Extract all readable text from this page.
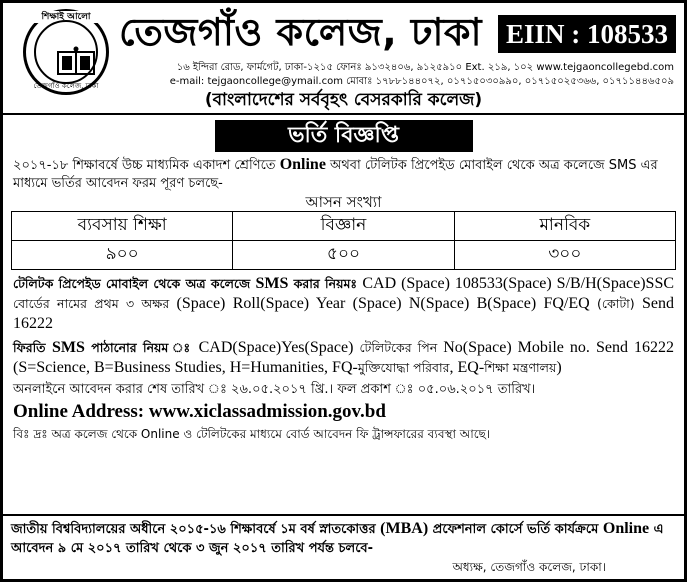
শিক্ষাই আলো
তেজগাঁও কলেজ, ঢাকা
তেজগাঁও কলেজ, ঢাকা EIIN : 108533
১৬ ইন্দিরা রোড, ফার্মগেট, ঢাকা-১২১৫ ফোনঃ ৯১৩২৪০৬, ৯১২৫৯১০ Ext. ২১৯, ১০২ www.tejgaoncollegebd.com
e-mail: tejgaoncollege@ymail.com মোবাঃ ১৭৮৮১৪৪০৭২, ০১৭১৫০৩০৯৯০, ০১৭১৫০২৫৩৬৬, ০১৭১১৪৪৬৫০৯
(বাংলাদেশের সর্ববৃহৎ বেসরকারি কলেজ)
ভর্তি বিজ্ঞপ্তি
২০১৭-১৮ শিক্ষাবর্ষে উচ্চ মাধ্যমিক একাদশ শ্রেণিতে Online অথবা টেলিটক প্রিপেইড মোবাইল থেকে অত্র কলেজে SMS এর মাধ্যমে ভর্তির আবেদন ফরম পূরণ চলছে-
আসন সংখ্যা
ব্যবসায় শিক্ষা	বিজ্ঞান	মানবিক
৯০০	৫০০	৩০০
টেলিটক প্রিপেইড মোবাইল থেকে অত্র কলেজে SMS করার নিয়মঃ CAD (Space) 108533(Space) S/B/H(Space)SSC বোর্ডের নামের প্রথম ৩ অক্ষর (Space) Roll(Space) Year (Space) N(Space) B(Space) FQ/EQ (কোটা) Send 16222
ফিরতি SMS পাঠানোর নিয়ম ঃ CAD(Space)Yes(Space) টেলিটকের পিন No(Space) Mobile no. Send 16222 (S=Science, B=Business Studies, H=Humanities, FQ-মুক্তিযোদ্ধা পরিবার, EQ-শিক্ষা মন্ত্রণালয়)
অনলাইনে আবেদন করার শেষ তারিখ ঃ ২৬.০৫.২০১৭ খ্রি.। ফল প্রকাশ ঃ ০৫.০৬.২০১৭ তারিখ।
Online Address: www.xiclassadmission.gov.bd
বিঃ দ্রঃ অত্র কলেজ থেকে Online ও টেলিটকের মাধ্যমে বোর্ড আবেদন ফি ট্রান্সফারের ব্যবস্থা আছে।
জাতীয় বিশ্ববিদ্যালয়ের অধীনে ২০১৫-১৬ শিক্ষাবর্ষে ১ম বর্ষ স্নাতকোত্তর (MBA) প্রফেশনাল কোর্সে ভর্তি কার্যক্রমে Online এ আবেদন ৯ মে ২০১৭ তারিখ থেকে ৩ জুন ২০১৭ তারিখ পর্যন্ত চলবে-
অধ্যক্ষ, তেজগাঁও কলেজ, ঢাকা।
